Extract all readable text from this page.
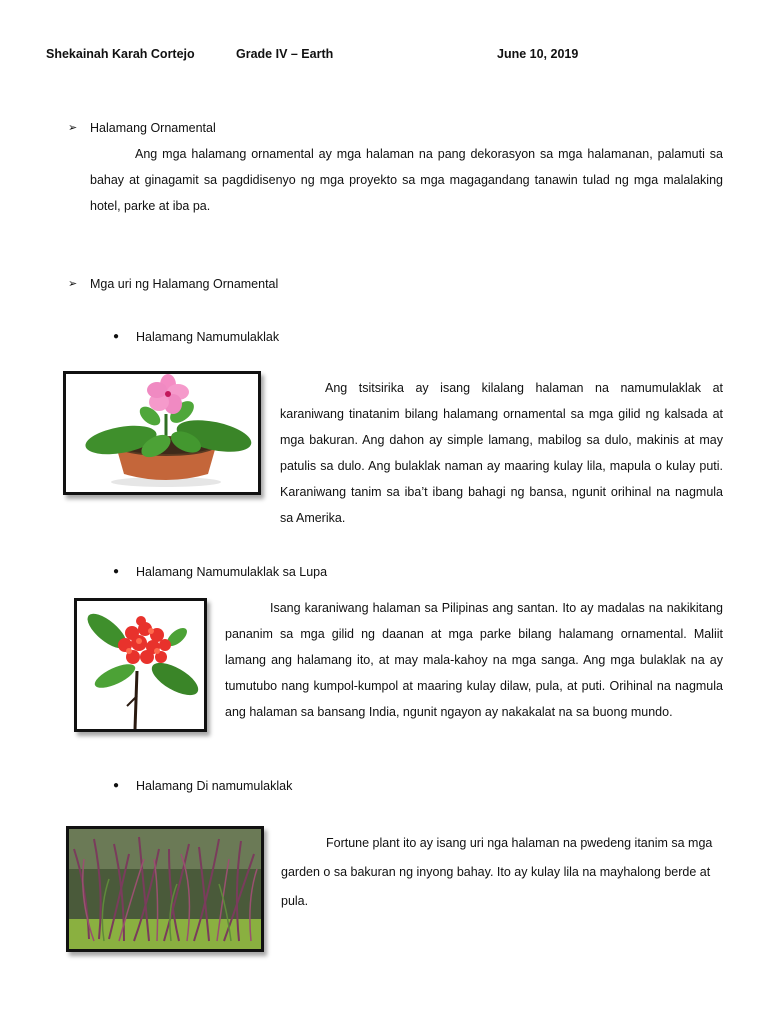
Shekainah Karah Cortejo	Grade IV – Earth	June 10, 2019
➢ Halamang Ornamental

Ang mga halamang ornamental ay mga halaman na pang dekorasyon sa mga halamanan, palamuti sa bahay at ginagamit sa pagdidisenyo ng mga proyekto sa mga magagandang tanawin tulad ng mga malalaking hotel, parke at iba pa.

➢ Mga uri ng Halamang Ornamental
● Halamang Namumulaklak

Ang tsitsirika ay isang kilalang halaman na namumulaklak at karaniwang tinatanim bilang halamang ornamental sa mga gilid ng kalsada at mga bakuran. Ang dahon ay simple lamang, mabilog sa dulo, makinis at may patulis sa dulo. Ang bulaklak naman ay maaring kulay lila, mapula o kulay puti. Karaniwang tanim sa iba’t ibang bahagi ng bansa, ngunit orihinal na nagmula sa Amerika.

● Halamang Namumulaklak sa Lupa

Isang karaniwang halaman sa Pilipinas ang santan. Ito ay madalas na nakikitang pananim sa mga gilid ng daanan at mga parke bilang halamang ornamental. Maliit lamang ang halamang ito, at may mala-kahoy na mga sanga. Ang mga bulaklak na ay tumutubo nang kumpol-kumpol at maaring kulay dilaw, pula, at puti. Orihinal na nagmula ang halaman sa bansang India, ngunit ngayon ay nakakalat na sa buong mundo.

● Halamang Di namumulaklak

Fortune plant ito ay isang uri nga halaman na pwedeng itanim sa mga garden o sa bakuran ng inyong bahay. Ito ay kulay lila na mayhalong berde at pula.
